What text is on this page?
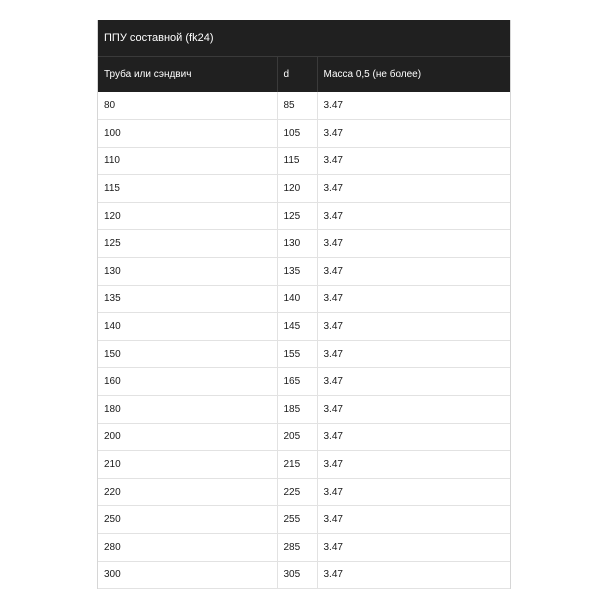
ППУ составной (fk24)
Труба или сэндвич	d	Масса 0,5 (не более)
80	85	3.47
100	105	3.47
110	115	3.47
115	120	3.47
120	125	3.47
125	130	3.47
130	135	3.47
135	140	3.47
140	145	3.47
150	155	3.47
160	165	3.47
180	185	3.47
200	205	3.47
210	215	3.47
220	225	3.47
250	255	3.47
280	285	3.47
300	305	3.47
